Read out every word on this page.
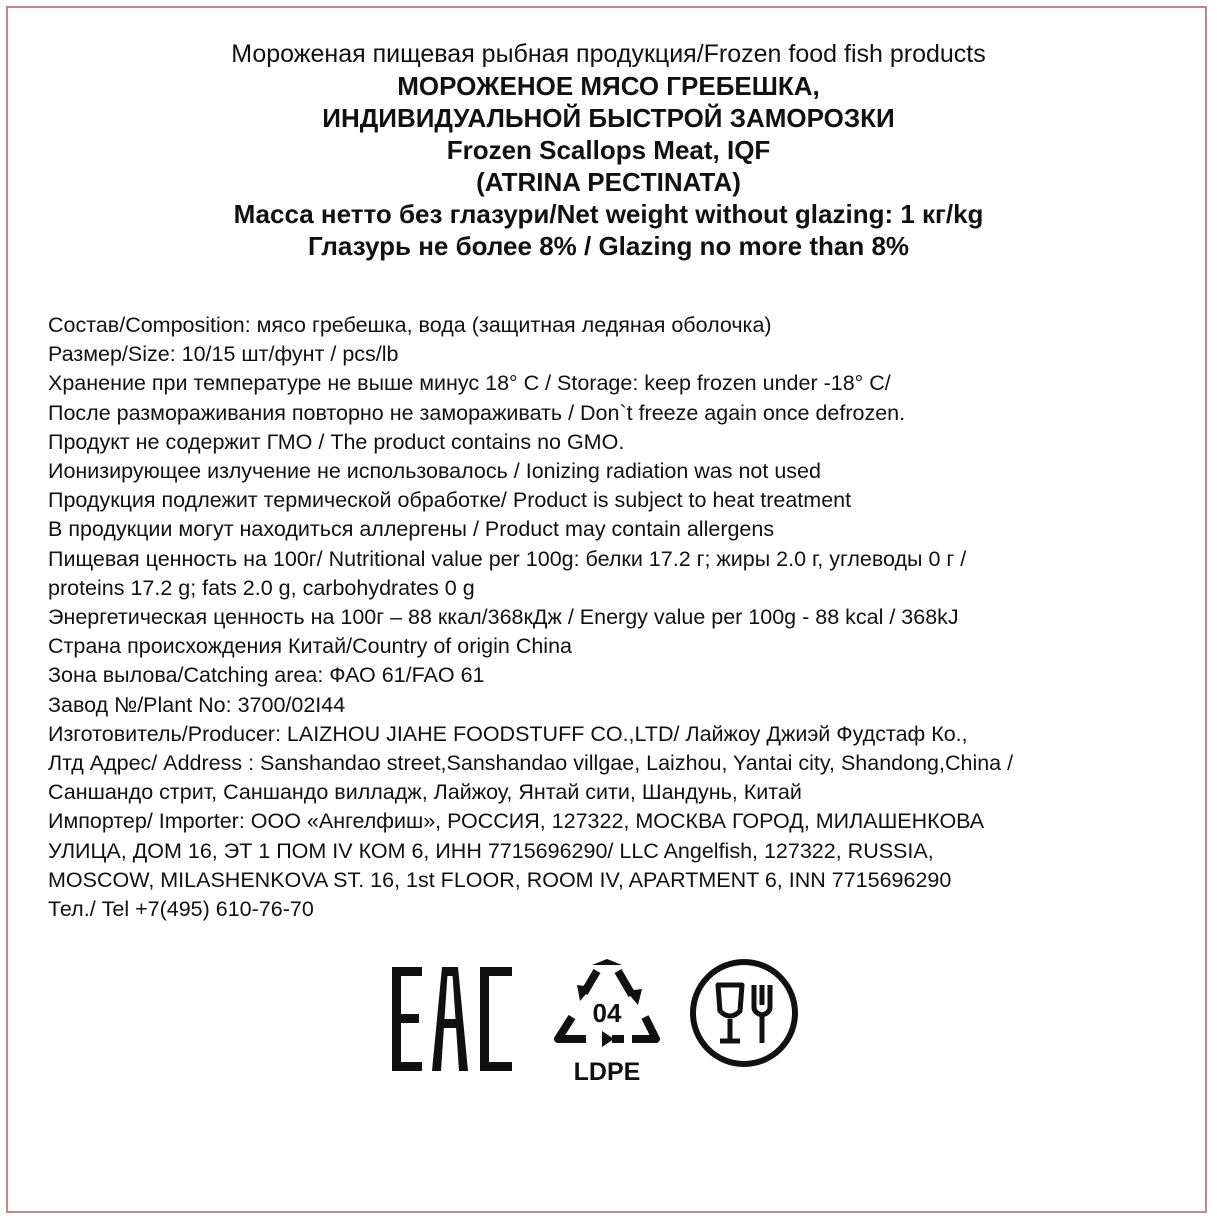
Мороженая пищевая рыбная продукция/Frozen food fish products
МОРОЖЕНОЕ МЯСО ГРЕБЕШКА,
ИНДИВИДУАЛЬНОЙ БЫСТРОЙ ЗАМОРОЗКИ
Frozen Scallops Meat, IQF
(ATRINA PECTINATA)
Масса нетто без глазури/Net weight without glazing: 1 кг/kg
Глазурь не более 8% / Glazing no more than 8%
Состав/Composition: мясо гребешка, вода (защитная ледяная оболочка)
Размер/Size: 10/15 шт/фунт / pcs/lb
Хранение при температуре не выше минус 18° С / Storage: keep frozen under -18° C/
После размораживания повторно не замораживать / Don`t freeze again once defrozen.
Продукт не содержит ГМО / The product contains no GMO.
Ионизирующее излучение не использовалось / Ionizing radiation was not used
Продукция подлежит термической обработке/ Product is subject to heat treatment
В продукции могут находиться аллергены / Product may contain allergens
Пищевая ценность на 100г/ Nutritional value per 100g: белки 17.2 г; жиры 2.0 г, углеводы 0 г /
proteins 17.2 g; fats 2.0 g, carbohydrates 0 g
Энергетическая ценность на 100г – 88 ккал/368кДж / Energy value per 100g - 88 kcal / 368kJ
Страна происхождения Китай/Country of origin China
Зона вылова/Catching area: ФАО 61/FAO 61
Завод №/Plant No: 3700/02I44
Изготовитель/Producer: LAIZHOU JIAHE FOODSTUFF CO.,LTD/ Лайжоу Джиэй Фудстаф Ко.,
Лтд Адрес/ Address : Sanshandao street,Sanshandao villgae, Laizhou, Yantai city, Shandong,China /
Саншандо стрит, Саншандо вилладж, Лайжоу, Янтай сити, Шандунь, Китай
Импортер/ Importer: ООО «Ангелфиш», РОССИЯ, 127322, МОСКВА ГОРОД, МИЛАШЕНКОВА
УЛИЦА, ДОМ 16, ЭТ 1 ПОМ IV КОМ 6, ИНН 7715696290/ LLC Angelfish, 127322, RUSSIA,
MOSCOW, MILASHENKOVA ST. 16, 1st FLOOR, ROOM IV, APARTMENT 6, INN 7715696290
Тел./ Tel +7(495) 610-76-70
04
LDPE
